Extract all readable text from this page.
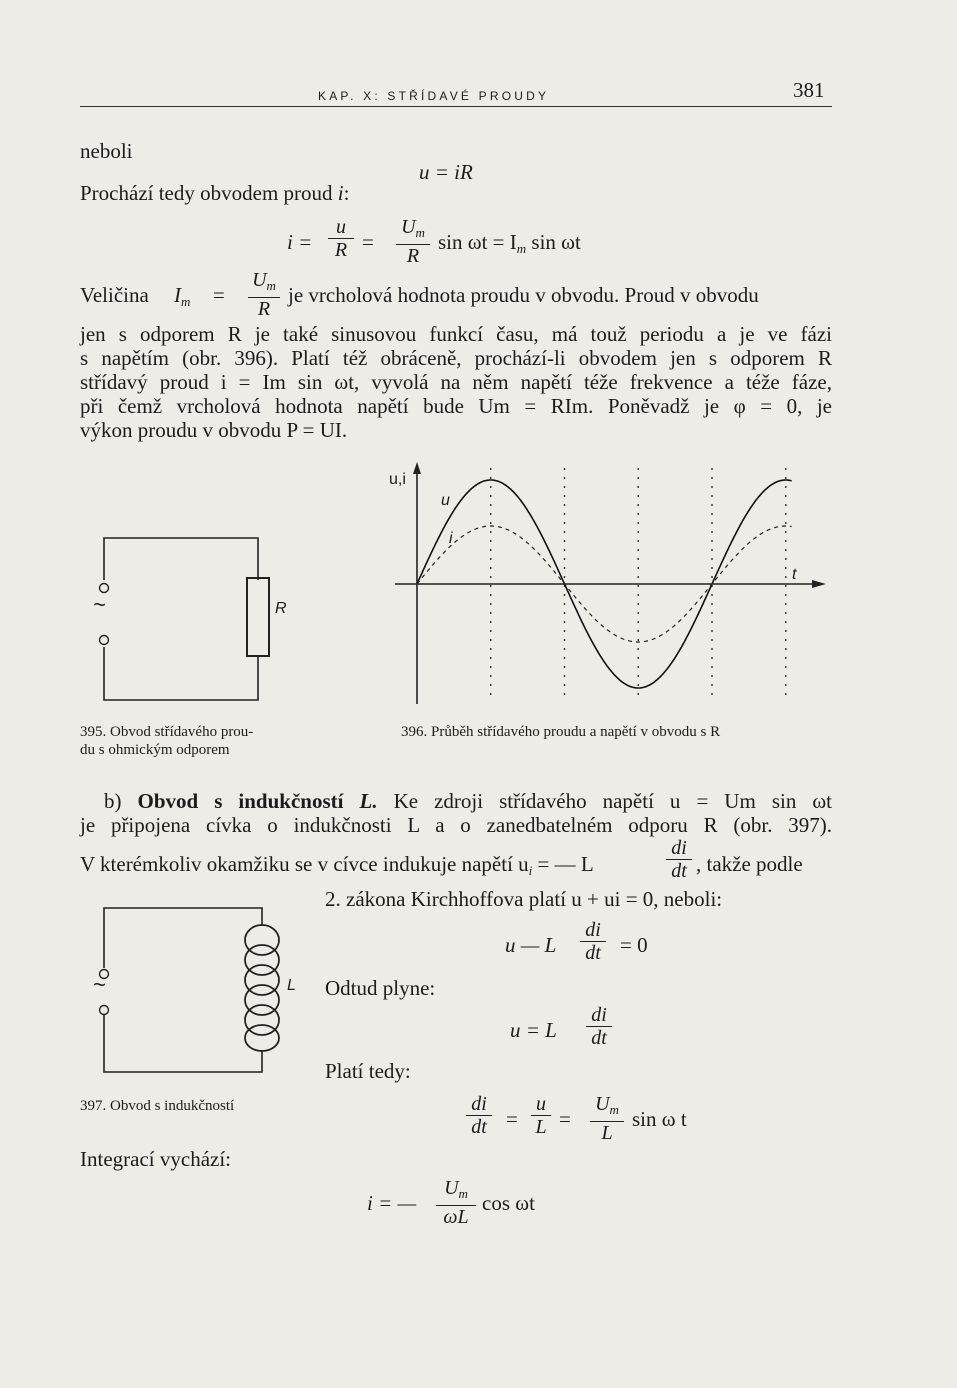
KAP. X: STŘÍDAVÉ PROUDY	381
neboli
u = iR
Prochází tedy obvodem proud i:
i =
u
R =
$U_m$
R
$\sin \omega t = I_m$ sin ωt
Veličina $I_m$ =
$U_m$
R
je vrcholová hodnota proudu v obvodu. Proud v obvodu
jen s odporem R je také sinusovou funkcí času, má touž periodu a je ve fázi
s napětím (obr. 396). Platí též obráceně, prochází-li obvodem jen s odporem R
střídavý proud i = Im sin ωt, vyvolá na něm napětí téže frekvence a téže fáze,
při čemž vrcholová hodnota napětí bude Um = RIm. Poněvadž je φ = 0, je
výkon proudu v obvodu P = UI.
~	R
u,i
t
u
i
395. Obvod střídavého prou-
du s ohmickým odporem
396. Průběh střídavého proudu a napětí v obvodu s R
b) Obvod s indukčností L. Ke zdroji střídavého napětí u = Um sin ωt
je připojena cívka o indukčnosti L a o zanedbatelném odporu R (obr. 397).
V kterémkoliv okamžiku se v cívce indukuje napětí $u_i$ = — L
di
dt , takže podle
2. zákona Kirchhoffova platí u + ui = 0, neboli:
u — L
di
dt = 0
~	L Odtud plyne:
u = L
di
dt
Platí tedy:
397. Obvod s indukčností	di
dt =
u
L =
$U_m$
L
sin ω t
Integrací vychází:
i = —
$U_m$
ωL
cos ωt
